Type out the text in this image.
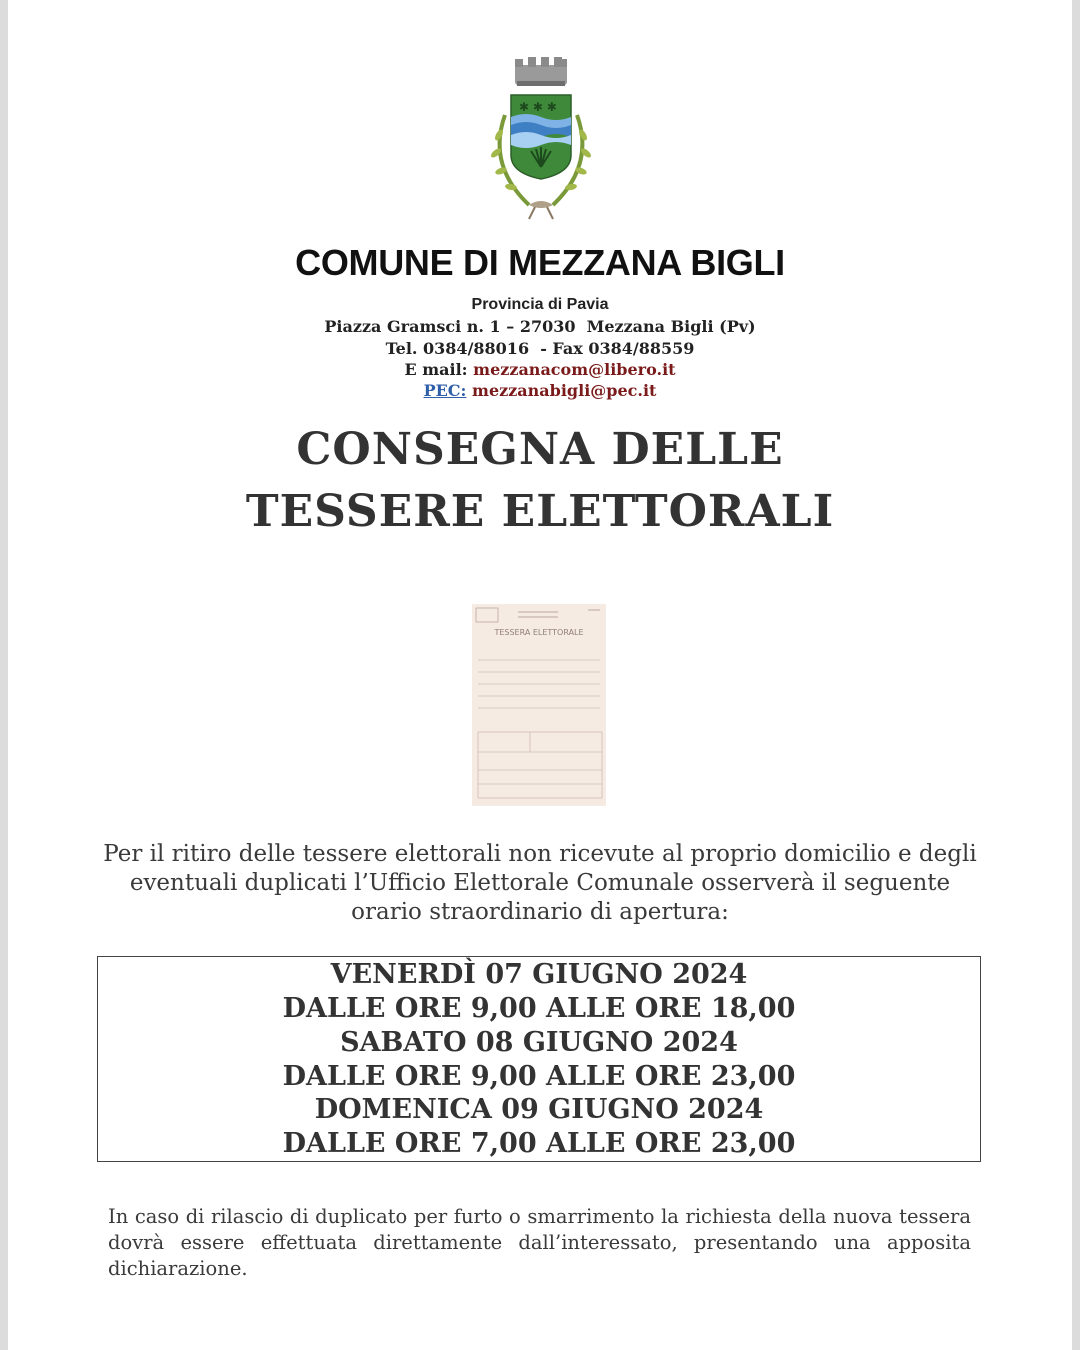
✱ ✱ ✱
COMUNE DI MEZZANA BIGLI
Provincia di Pavia
Piazza Gramsci n. 1 – 27030  Mezzana Bigli (Pv)
Tel. 0384/88016  - Fax 0384/88559
E mail: mezzanacom@libero.it
PEC: mezzanabigli@pec.it
CONSEGNA DELLE
TESSERE ELETTORALI
TESSERA ELETTORALE
Per il ritiro delle tessere elettorali non ricevute al proprio domicilio e degli eventuali duplicati l’Ufficio Elettorale Comunale osserverà il seguente orario straordinario di apertura:
VENERDÌ 07 GIUGNO 2024
DALLE ORE 9,00 ALLE ORE 18,00
SABATO 08 GIUGNO 2024
DALLE ORE 9,00 ALLE ORE 23,00
DOMENICA 09 GIUGNO 2024
DALLE ORE 7,00 ALLE ORE 23,00
In caso di rilascio di duplicato per furto o smarrimento la richiesta della nuova tessera dovrà essere effettuata direttamente dall’interessato, presentando una apposita dichiarazione.
